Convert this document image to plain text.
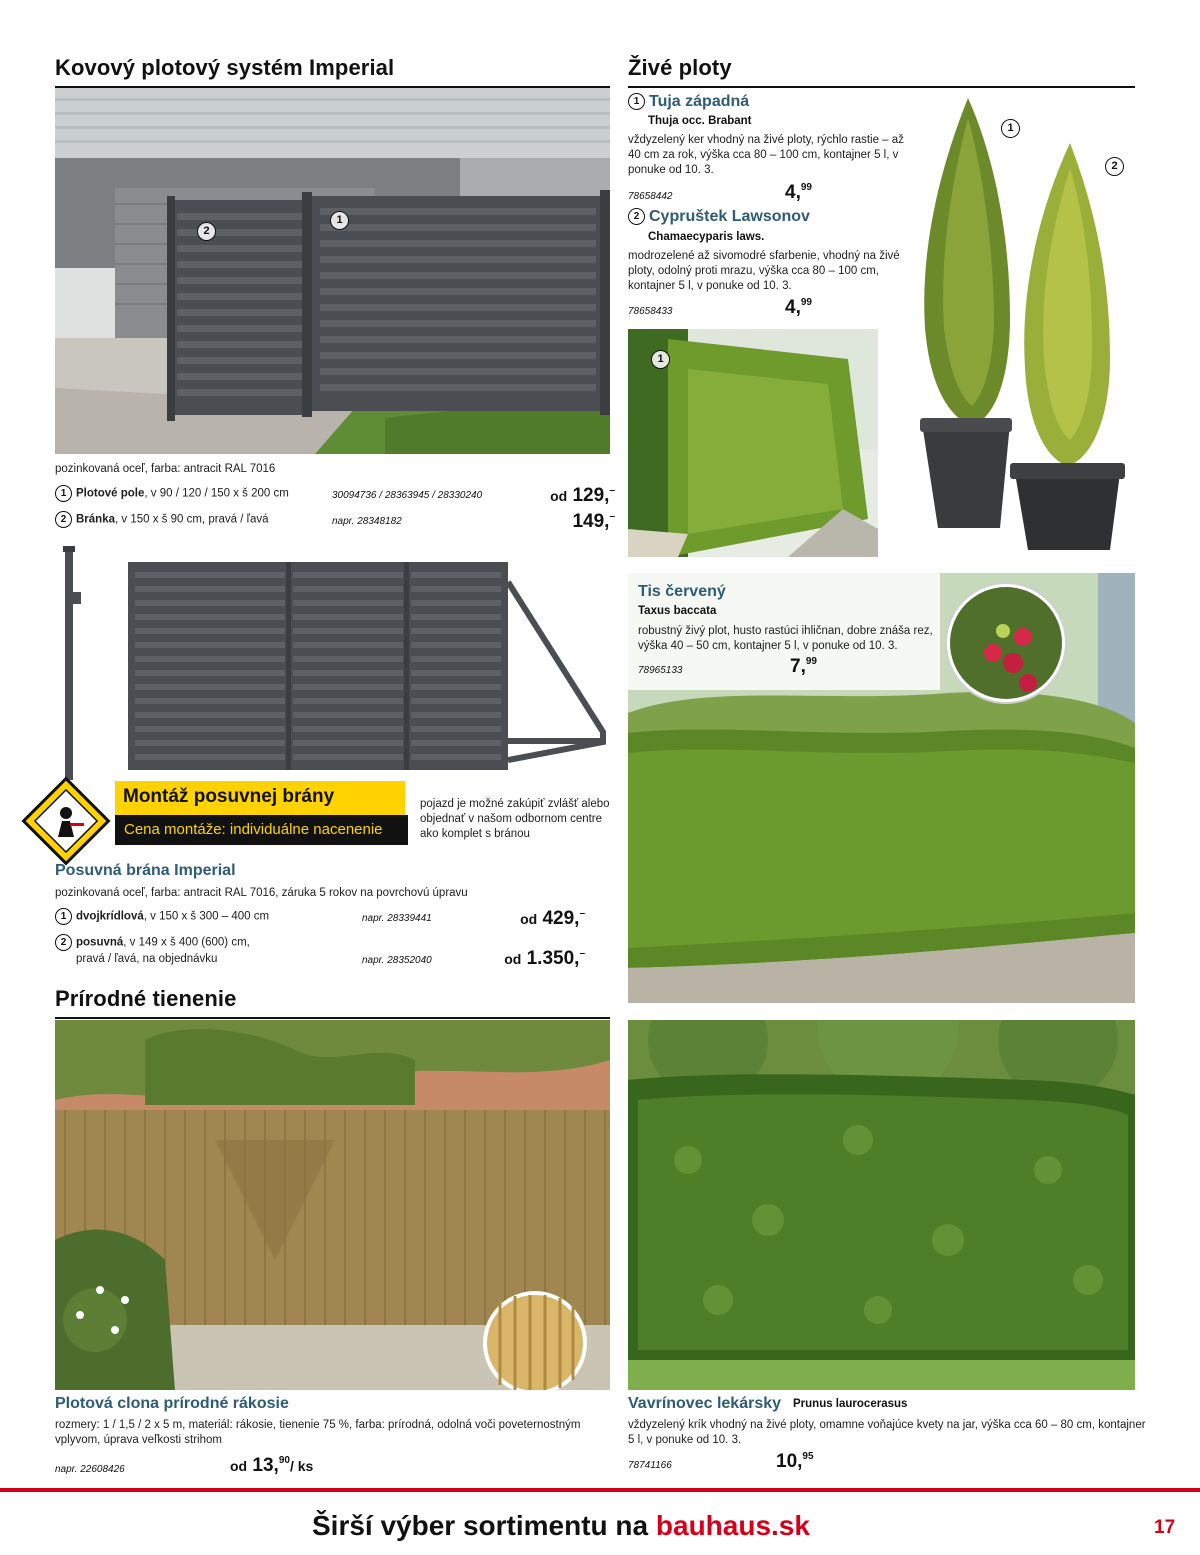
Kovový plotový systém Imperial
2
1
pozinkovaná oceľ, farba: antracit RAL 7016
1 Plotové pole, v 90 / 120 / 150 x š 200 cm	30094736 / 28363945 / 28330240	od 129,–
2 Bránka, v 150 x š 90 cm, pravá / ľavá	napr. 28348182	149,–
Montáž posuvnej brány
Cena montáže: individuálne nacenenie
pojazd je možné zakúpiť zvlášť alebo objednať v našom odbornom centre ako komplet s bránou
Posuvná brána Imperial
pozinkovaná oceľ, farba: antracit RAL 7016, záruka 5 rokov na povrchovú úpravu
1 dvojkrídlová, v 150 x š 300 – 400 cm	napr. 28339441	od 429,–
2 posuvná, v 149 x š 400 (600) cm,
pravá / ľavá, na objednávku	napr. 28352040	od 1.350,–
Prírodné tienenie
Plotová clona prírodné rákosie
rozmery: 1 / 1,5 / 2 x 5 m, materiál: rákosie, tienenie 75 %, farba: prírodná, odolná voči poveternostným vplyvom, úprava veľkosti strihom
napr. 22608426	od 13,90/ ks
Živé ploty
1 Tuja západná
Thuja occ. Brabant
vždyzelený ker vhodný na živé ploty, rýchlo rastie – až 40 cm za rok, výška cca 80 – 100 cm, kontajner 5 l, v ponuke od 10. 3.
78658442	4,99
2 Cypruštek Lawsonov
Chamaecyparis laws.
modrozelené až sivomodré sfarbenie, vhodný na živé ploty, odolný proti mrazu, výška cca 80 – 100 cm, kontajner 5 l, v ponuke od 10. 3.
78658433	4,99
1
2
1
Tis červený
Taxus baccata
robustný živý plot, husto rastúci ihličnan, dobre znáša rez, výška 40 – 50 cm, kontajner 5 l, v ponuke od 10. 3.
78965133	7,99
Vavrínovec lekársky Prunus laurocerasus
vždyzelený krík vhodný na živé ploty, omamne voňajúce kvety na jar, výška cca 60 – 80 cm, kontajner 5 l, v ponuke od 10. 3.
78741166	10,95
Širší výber sortimentu na bauhaus.sk	17
